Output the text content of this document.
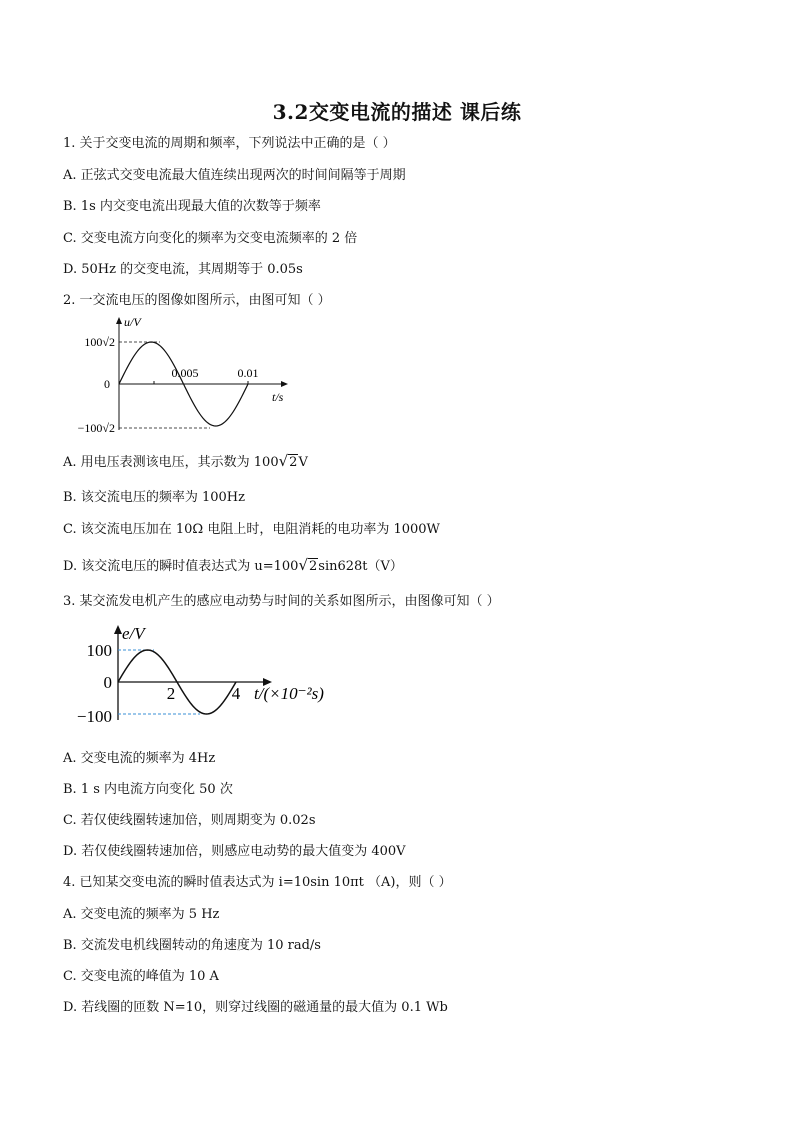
3.2交变电流的描述 课后练
1. 关于交变电流的周期和频率，下列说法中正确的是（ ）
A. 正弦式交变电流最大值连续出现两次的时间间隔等于周期
B. 1s 内交变电流出现最大值的次数等于频率
C. 交变电流方向变化的频率为交变电流频率的 2 倍
D. 50Hz 的交变电流，其周期等于 0.05s
2. 一交流电压的图像如图所示，由图可知（ ）
u/V
0
100√2
−100√2
0.005	0.01
t/s
A. 用电压表测该电压，其示数为 100√2V
B. 该交流电压的频率为 100Hz
C. 该交流电压加在 10Ω 电阻上时，电阻消耗的电功率为 1000W
D. 该交流电压的瞬时值表达式为 u=100√2sin628t（V）
3. 某交流发电机产生的感应电动势与时间的关系如图所示，由图像可知（ ）
e/V
100
0
−100
2	4 t/(×10⁻²s)
A. 交变电流的频率为 4Hz
B. 1 s 内电流方向变化 50 次
C. 若仅使线圈转速加倍，则周期变为 0.02s
D. 若仅使线圈转速加倍，则感应电动势的最大值变为 400V
4. 已知某交变电流的瞬时值表达式为 i=10sin 10πt （A)，则（ ）
A. 交变电流的频率为 5 Hz
B. 交流发电机线圈转动的角速度为 10 rad/s
C. 交变电流的峰值为 10 A
D. 若线圈的匝数 N=10，则穿过线圈的磁通量的最大值为 0.1 Wb
